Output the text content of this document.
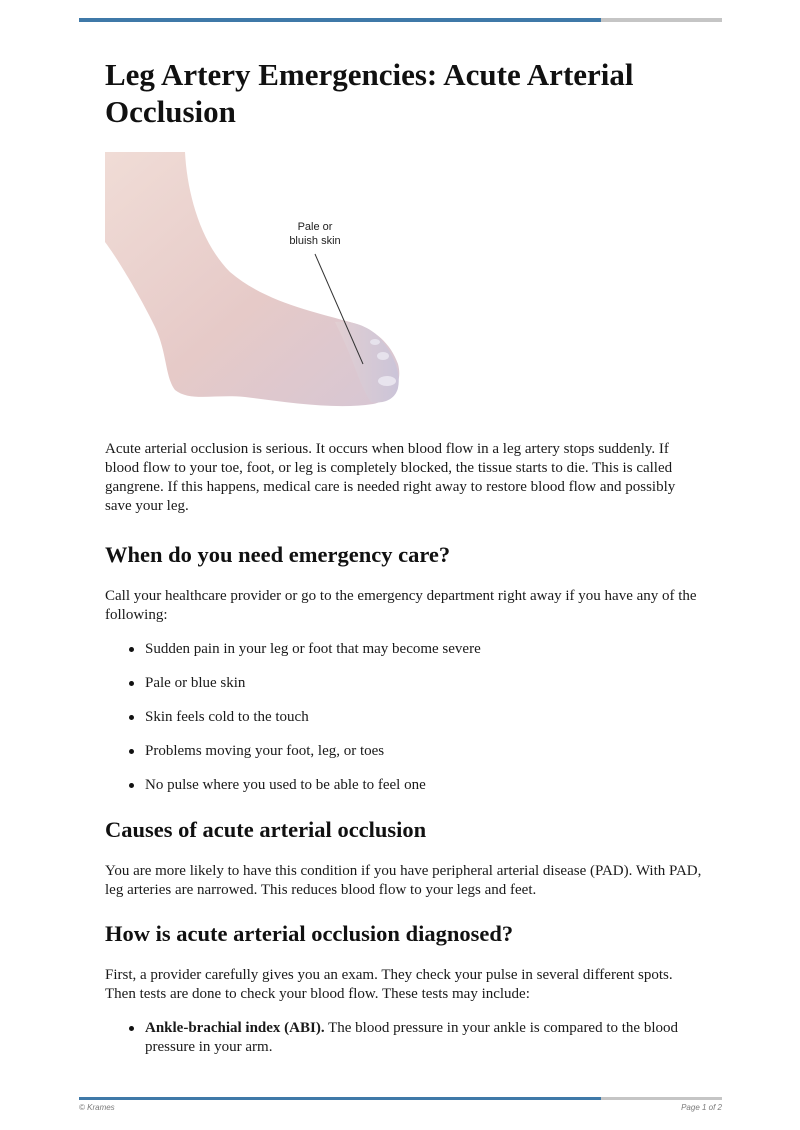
Leg Artery Emergencies: Acute Arterial Occlusion
Pale or
bluish skin

Acute arterial occlusion is serious. It occurs when blood flow in a leg artery stops suddenly. If blood flow to your toe, foot, or leg is completely blocked, the tissue starts to die. This is called gangrene. If this happens, medical care is needed right away to restore blood flow and possibly save your leg.

When do you need emergency care?

Call your healthcare provider or go to the emergency department right away if you have any of the following:

Sudden pain in your leg or foot that may become severe
Pale or blue skin
Skin feels cold to the touch
Problems moving your foot, leg, or toes
No pulse where you used to be able to feel one
Causes of acute arterial occlusion

You are more likely to have this condition if you have peripheral arterial disease (PAD). With PAD, leg arteries are narrowed. This reduces blood flow to your legs and feet.

How is acute arterial occlusion diagnosed?

First, a provider carefully gives you an exam. They check your pulse in several different spots. Then tests are done to check your blood flow. These tests may include:

Ankle-brachial index (ABI). The blood pressure in your ankle is compared to the blood pressure in your arm.
© Krames	Page 1 of 2
